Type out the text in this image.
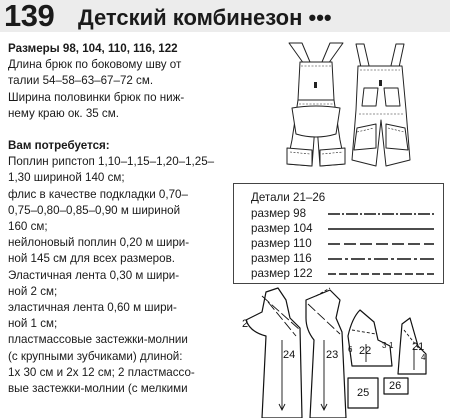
139 Детский комбинезон •••

Размеры 98, 104, 110, 116, 122

Длина брюк по боковому шву от

талии 54–58–63–67–72 см.

Ширина половинки брюк по ниж-

нему краю ок. 35 см.

Вам потребуется:

Поплин рипстоп 1,10–1,15–1,20–1,25–

1,30 шириной 140 см;

флис в качестве подкладки 0,70–

0,75–0,80–0,85–0,90 м шириной

160 см;

нейлоновый поплин 0,20 м шири-

ной 145 см для всех размеров.

Эластичная лента 0,30 м шири-

ной 2 см;

эластичная лента 0,60 м шири-

ной 1 см;

пластмассовые застежки-молнии

(с крупными зубчиками) длиной:

1x 30 см и 2x 12 см; 2 пластмассо-

вые застежки-молнии (с мелкими

Детали 21–26
размер 98
размер 104
размер 110
размер 116
размер 122
2
24	23 22	21
25
26
3 1
4
6
